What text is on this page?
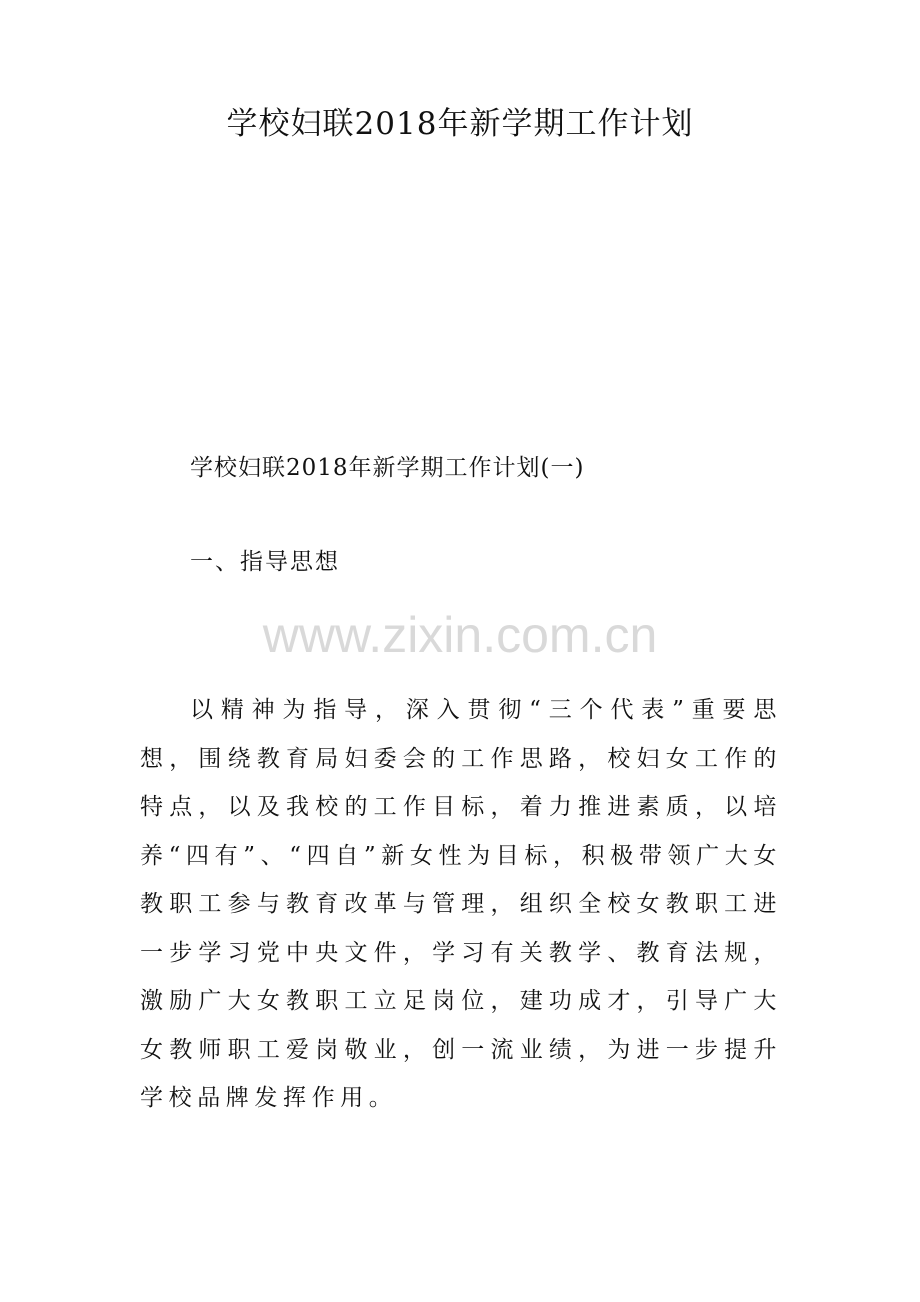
学校妇联2018年新学期工作计划
学校妇联2018年新学期工作计划(一)
一、指导思想
www.zixin.com.cn

以精神为指导，深入贯彻“三个代表”重要思想，围绕教育局妇委会的工作思路，校妇女工作的特点，以及我校的工作目标，着力推进素质，以培养“四有”、“四自”新女性为目标，积极带领广大女教职工参与教育改革与管理，组织全校女教职工进一步学习党中央文件，学习有关教学、教育法规，激励广大女教职工立足岗位，建功成才，引导广大女教师职工爱岗敬业，创一流业绩，为进一步提升学校品牌发挥作用。
